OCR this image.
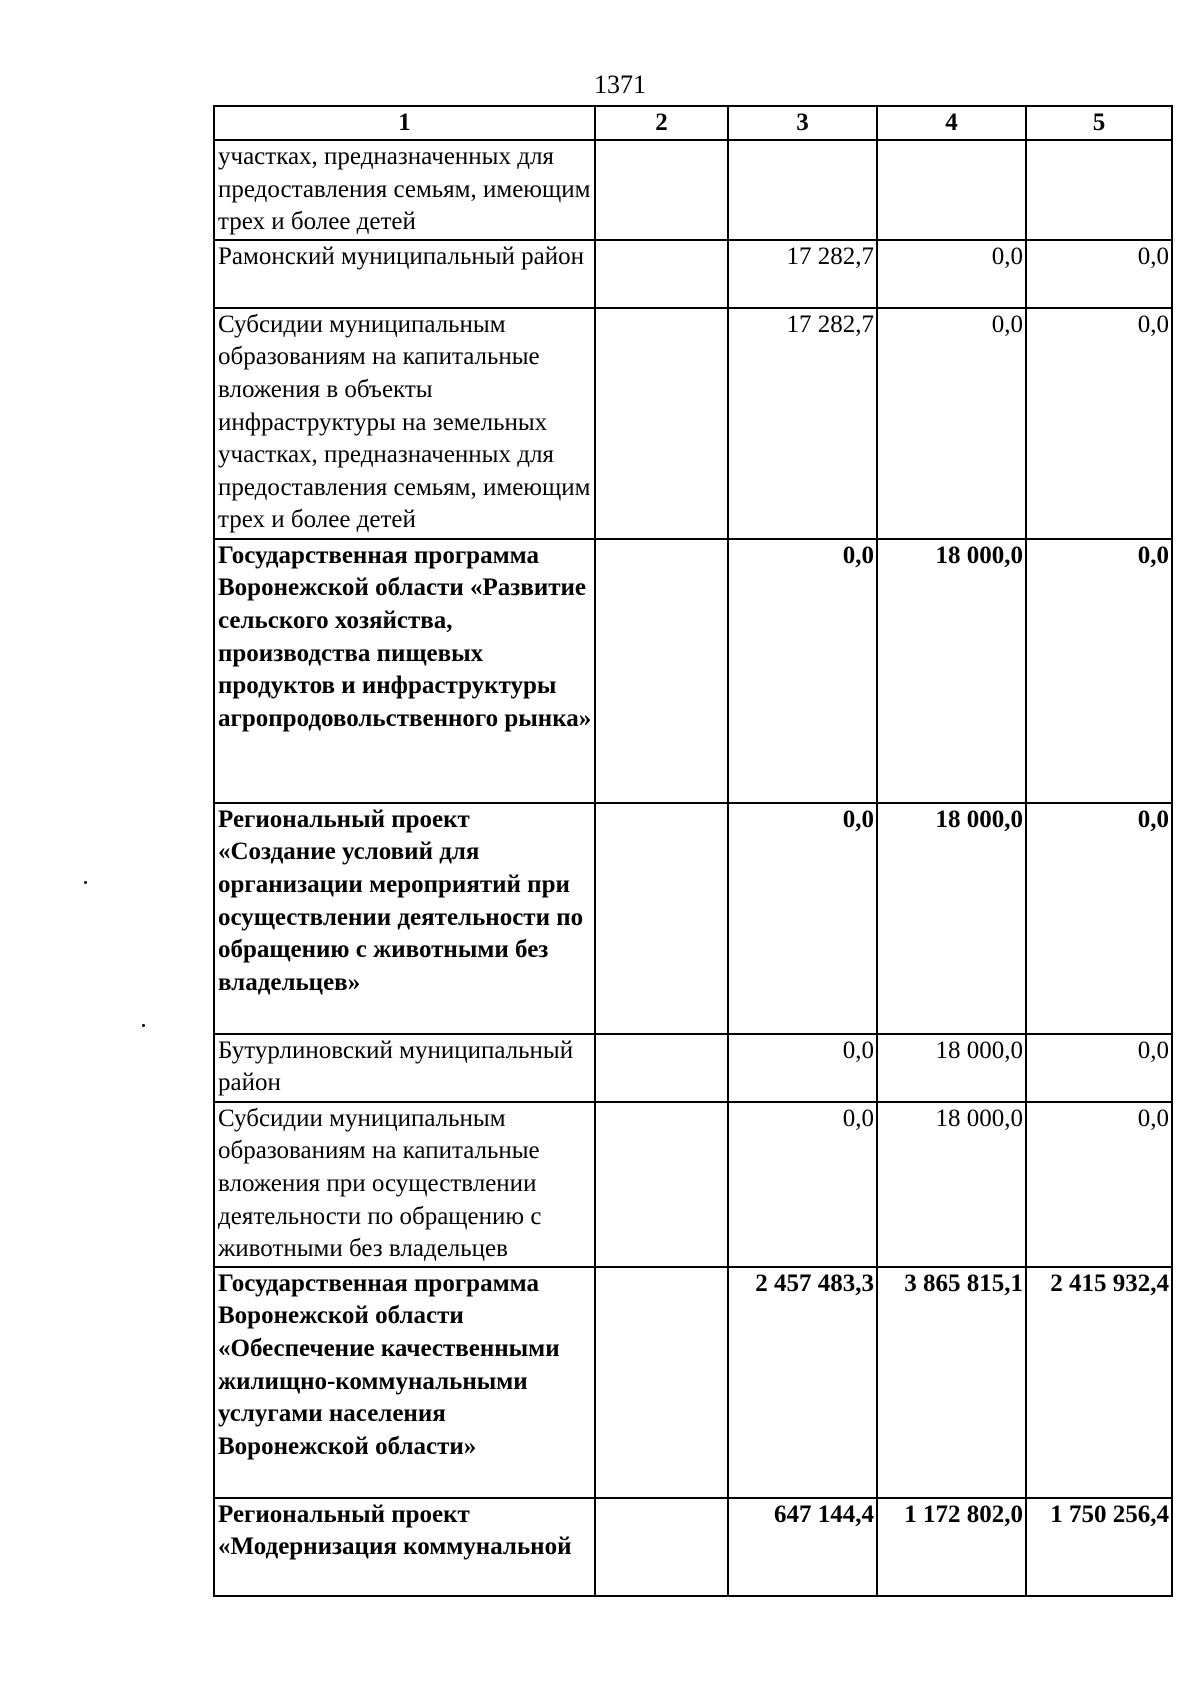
1371
1	2	3	4	5
участках, предназначенных для предоставления семьям, имеющим трех и более детей				
Рамонский муниципальный район		17 282,7	0,0	0,0
Субсидии муниципальным образованиям на капитальные вложения в объекты инфраструктуры на земельных участках, предназначенных для предоставления семьям, имеющим трех и более детей		17 282,7	0,0	0,0
Государственная программа Воронежской области «Развитие сельского хозяйства, производства пищевых продуктов и инфраструктуры агропродовольственного рынка»		0,0	18 000,0	0,0
Региональный проект «Создание условий для организации мероприятий при осуществлении деятельности по обращению с животными без владельцев»		0,0	18 000,0	0,0
Бутурлиновский муниципальный район		0,0	18 000,0	0,0
Субсидии муниципальным образованиям на капитальные вложения при осуществлении деятельности по обращению с животными без владельцев		0,0	18 000,0	0,0
Государственная программа Воронежской области «Обеспечение качественными жилищно-коммунальными услугами населения Воронежской области»		2 457 483,3	3 865 815,1	2 415 932,4
Региональный проект «Модернизация коммунальной		647 144,4	1 172 802,0	1 750 256,4
